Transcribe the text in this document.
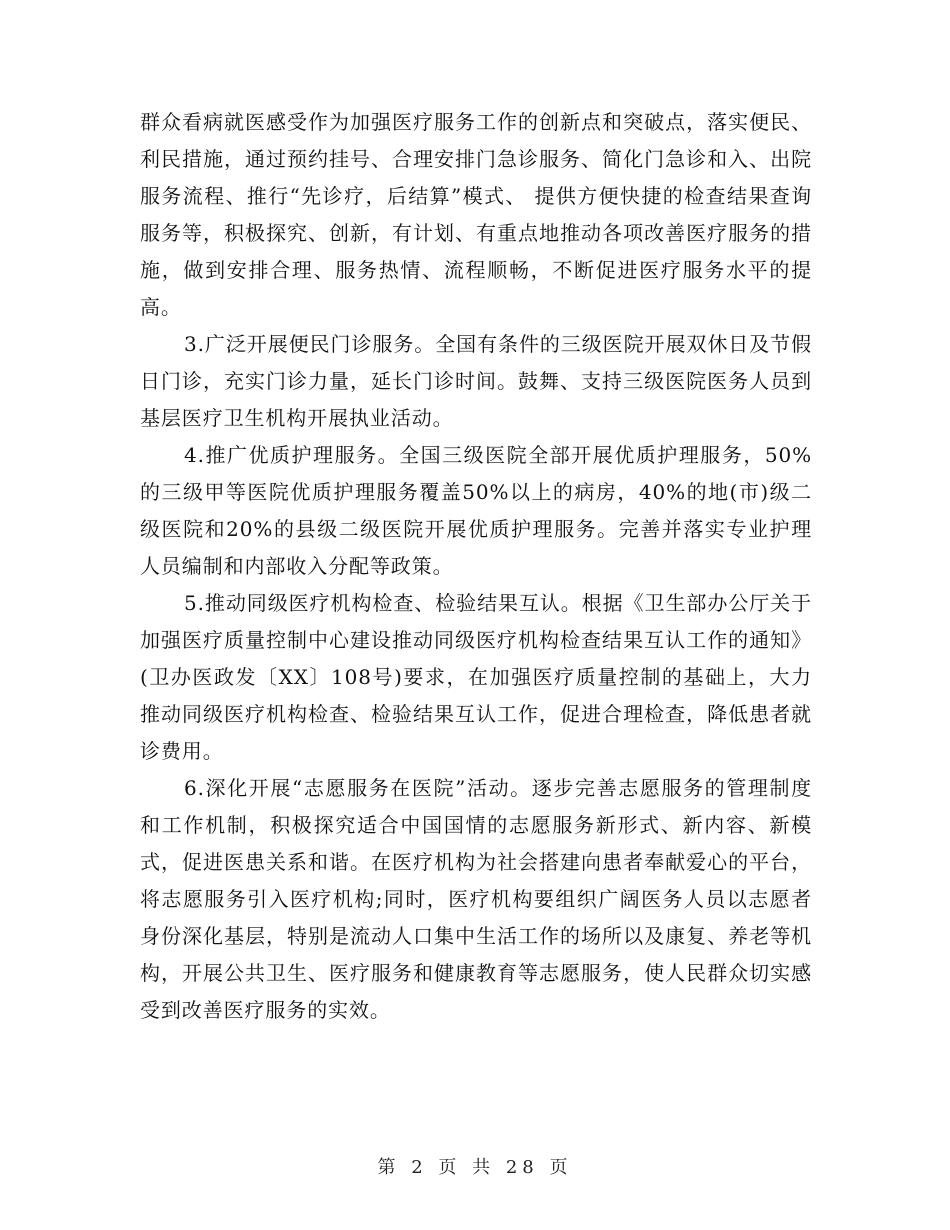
群众看病就医感受作为加强医疗服务工作的创新点和突破点，落实便民、利民措施，通过预约挂号、合理安排门急诊服务、简化门急诊和入、出院服务流程、推行“先诊疗，后结算”模式、 提供方便快捷的检查结果查询服务等，积极探究、创新，有计划、有重点地推动各项改善医疗服务的措施，做到安排合理、服务热情、流程顺畅，不断促进医疗服务水平的提高。

3.广泛开展便民门诊服务。全国有条件的三级医院开展双休日及节假日门诊，充实门诊力量，延长门诊时间。鼓舞、支持三级医院医务人员到基层医疗卫生机构开展执业活动。

4.推广优质护理服务。全国三级医院全部开展优质护理服务，50%的三级甲等医院优质护理服务覆盖50%以上的病房，40%的地(市)级二级医院和20%的县级二级医院开展优质护理服务。完善并落实专业护理人员编制和内部收入分配等政策。

5.推动同级医疗机构检查、检验结果互认。根据《卫生部办公厅关于加强医疗质量控制中心建设推动同级医疗机构检查结果互认工作的通知》(卫办医政发〔XX〕108号)要求，在加强医疗质量控制的基础上，大力推动同级医疗机构检查、检验结果互认工作，促进合理检查，降低患者就诊费用。

6.深化开展“志愿服务在医院”活动。逐步完善志愿服务的管理制度和工作机制，积极探究适合中国国情的志愿服务新形式、新内容、新模式，促进医患关系和谐。在医疗机构为社会搭建向患者奉献爱心的平台，将志愿服务引入医疗机构;同时，医疗机构要组织广阔医务人员以志愿者身份深化基层，特别是流动人口集中生活工作的场所以及康复、养老等机构，开展公共卫生、医疗服务和健康教育等志愿服务，使人民群众切实感受到改善医疗服务的实效。

第 2 页 共 28 页
